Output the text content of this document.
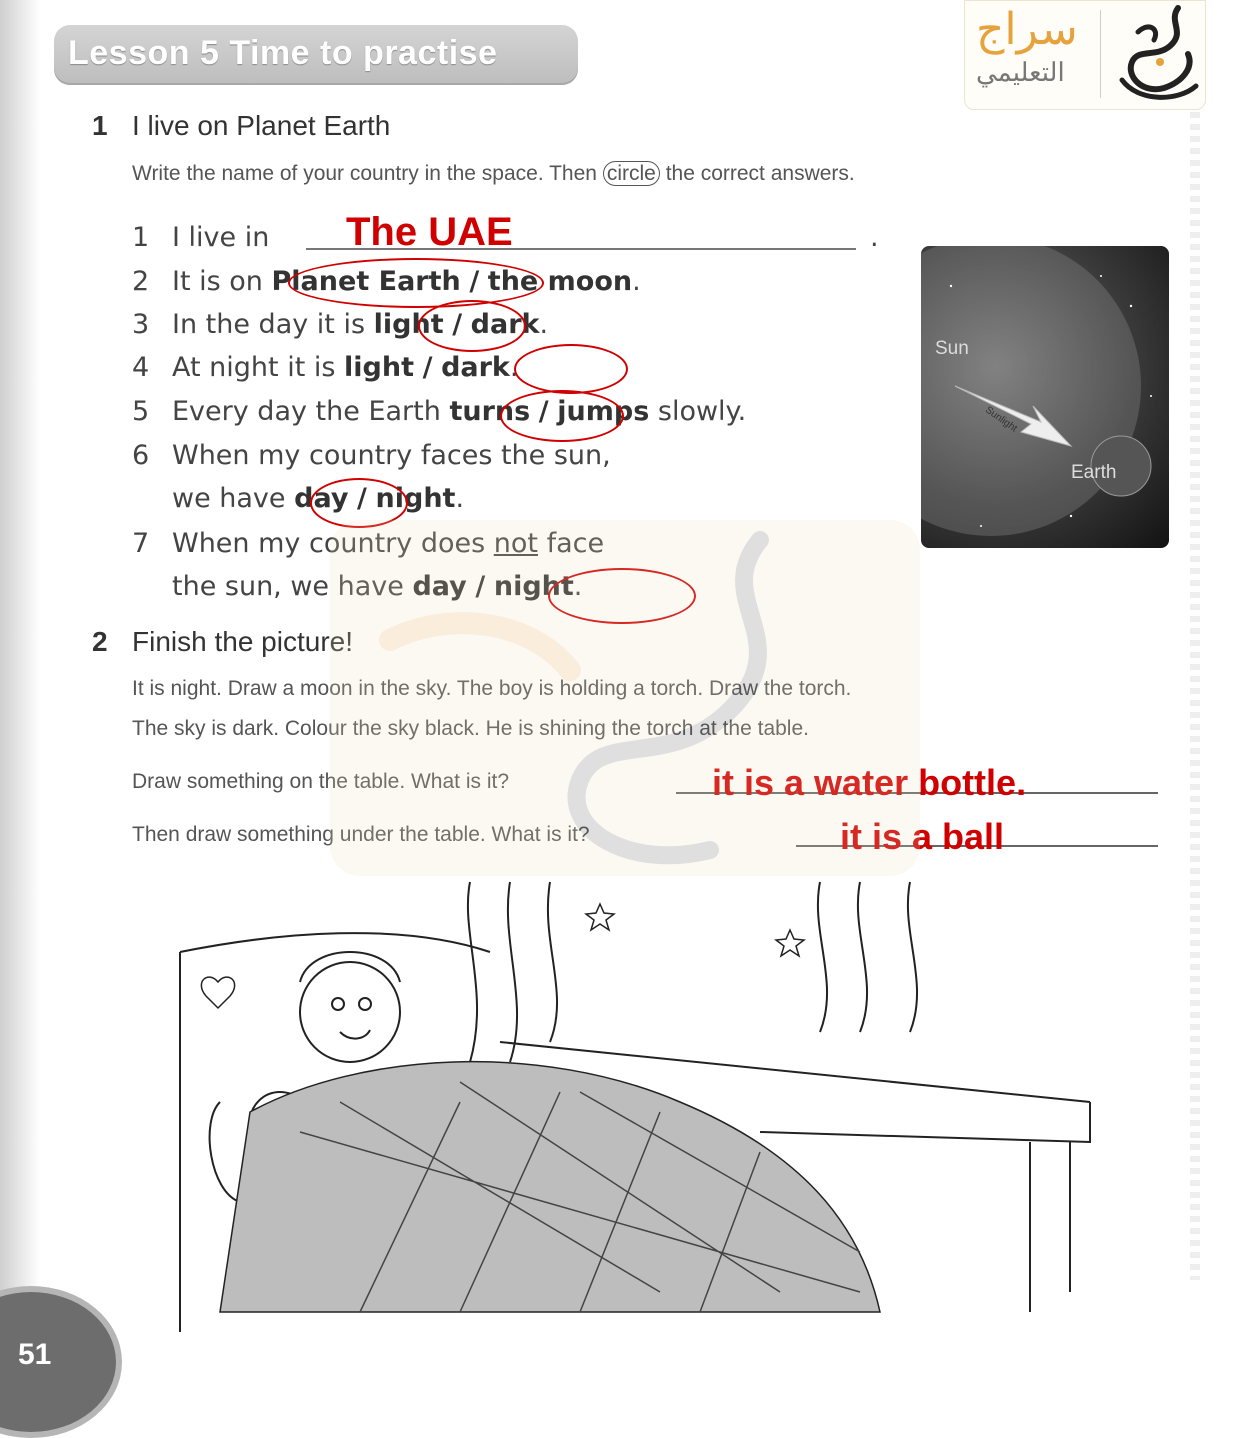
Lesson 5 Time to practise	سراج
التعليمي
1 I live on Planet Earth
Write the name of your country in the space. Then circle the correct answers.
1 I live in	.
The UAE
2 It is on Planet Earth / the moon.
3 In the day it is light / dark.
4 At night it is light / dark.
5 Every day the Earth turns / jumps slowly.
6 When my country faces the sun,
we have day / night.
7 When my country does not face
the sun, we have day / night.
Sun
Sunlight
Earth
2 Finish the picture!
It is night. Draw a moon in the sky. The boy is holding a torch. Draw the torch.
The sky is dark. Colour the sky black. He is shining the torch at the table.
Draw something on the table. What is it?	it is a water bottle.
Then draw something under the table. What is it?	it is a ball
51
